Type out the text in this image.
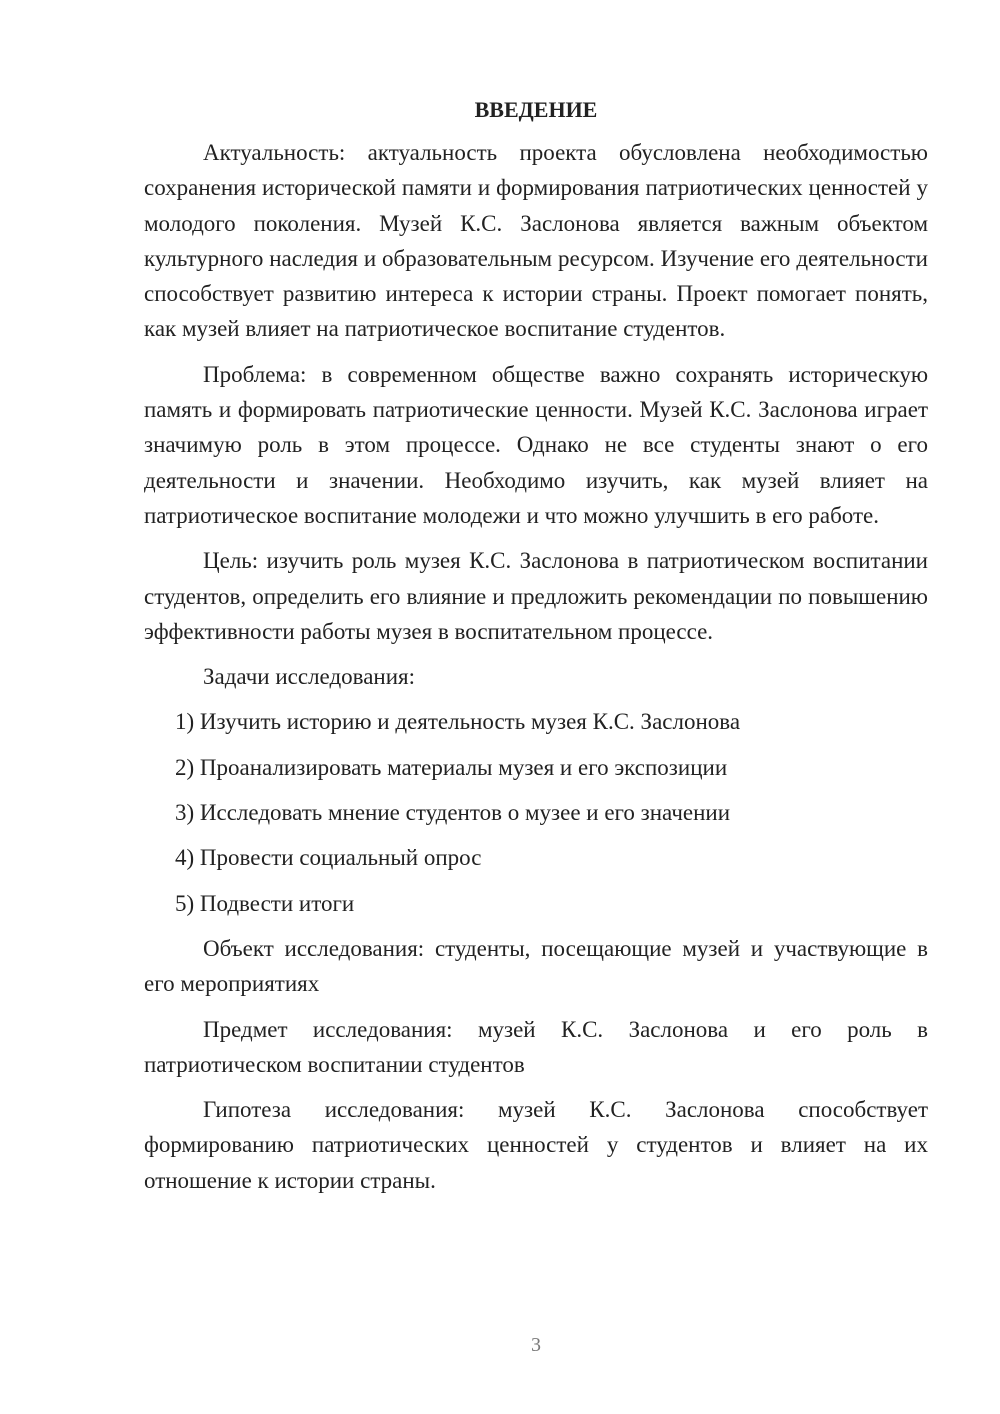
ВВЕДЕНИЕ

Актуальность: актуальность проекта обусловлена необходимостью сохранения исторической памяти и формирования патриотических ценностей у молодого поколения. Музей К.С. Заслонова является важным объектом культурного наследия и образовательным ресурсом. Изучение его деятельности способствует развитию интереса к истории страны. Проект помогает понять, как музей влияет на патриотическое воспитание студентов.

Проблема: в современном обществе важно сохранять историческую память и формировать патриотические ценности. Музей К.С. Заслонова играет значимую роль в этом процессе. Однако не все студенты знают о его деятельности и значении. Необходимо изучить, как музей влияет на патриотическое воспитание молодежи и что можно улучшить в его работе.

Цель: изучить роль музея К.С. Заслонова в патриотическом воспитании студентов, определить его влияние и предложить рекомендации по повышению эффективности работы музея в воспитательном процессе.

Задачи исследования:

1) Изучить историю и деятельность музея К.С. Заслонова
2) Проанализировать материалы музея и его экспозиции
3) Исследовать мнение студентов о музее и его значении
4) Провести социальный опрос
5) Подвести итоги

Объект исследования: студенты, посещающие музей и участвующие в его мероприятиях

Предмет исследования: музей К.С. Заслонова и его роль в патриотическом воспитании студентов

Гипотеза исследования: музей К.С. Заслонова способствует формированию патриотических ценностей у студентов и влияет на их отношение к истории страны.

3
